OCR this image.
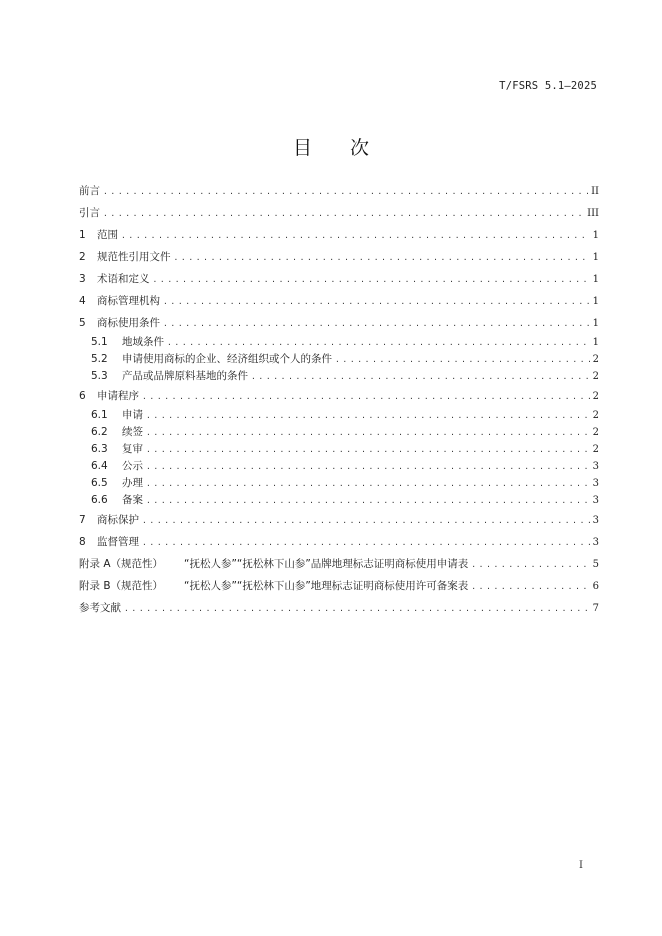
T/FSRS 5.1—2025
目 次
前言 .....	II
引言 .....	III
1	范围 .....	1
2	规范性引用文件 .....	1
3	术语和定义 .....	1
4	商标管理机构 .....	1
5	商标使用条件 .....	1
5.1	地域条件 .....	1
5.2	申请使用商标的企业、经济组织或个人的条件 .....	2
5.3	产品或品牌原料基地的条件 .....	2
6	申请程序 .....	2
6.1	申请 .....	2
6.2	续签 .....	2
6.3	复审 .....	2
6.4	公示 .....	3
6.5	办理 .....	3
6.6	备案 .....	3
7	商标保护 .....	3
8	监督管理 .....	3
附录 A（规范性）	“抚松人参”“抚松林下山参”品牌地理标志证明商标使用申请表 .....	5
附录 B（规范性）	“抚松人参”“抚松林下山参”地理标志证明商标使用许可备案表 .....	6
参考文献 .....	7
I
